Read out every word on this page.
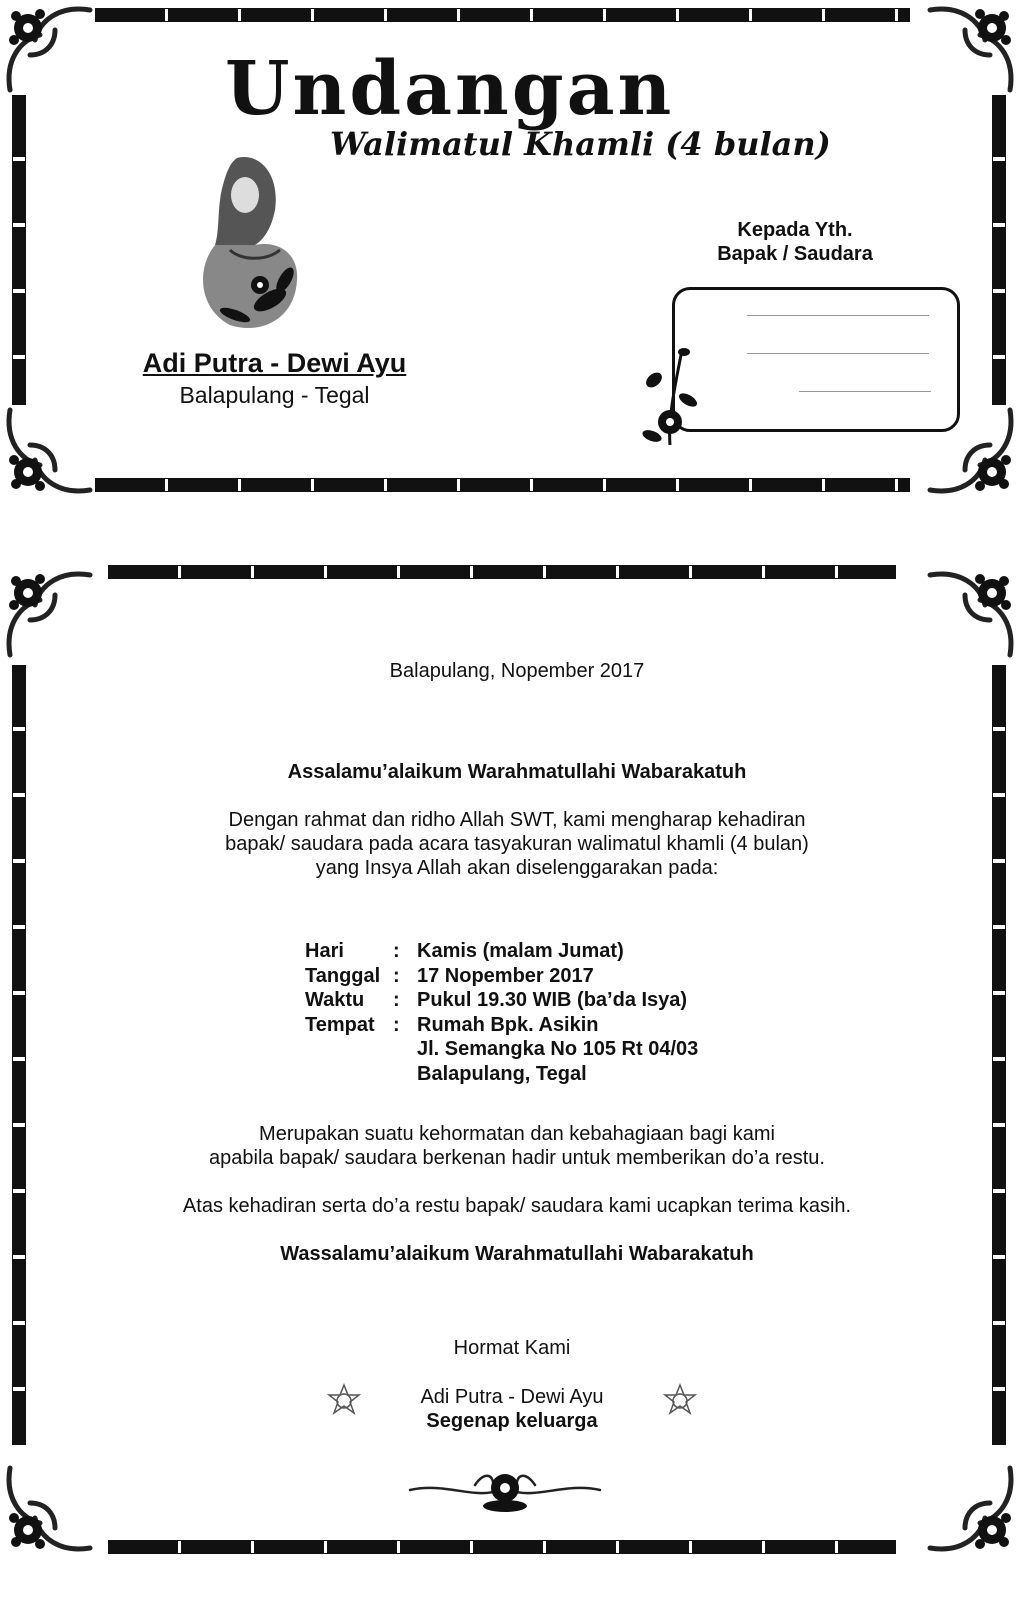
Undangan
Walimatul Khamli (4 bulan)
Adi Putra - Dewi Ayu
Balapulang - Tegal
Kepada Yth.
Bapak / Saudara
Balapulang, Nopember 2017
Assalamu’alaikum Warahmatullahi Wabarakatuh
Dengan rahmat dan ridho Allah SWT, kami mengharap kehadiran
bapak/ saudara pada acara tasyakuran walimatul khamli (4 bulan)
yang Insya Allah akan diselenggarakan pada:
Hari	: Kamis (malam Jumat)
Tanggal : 17 Nopember 2017
Waktu	: Pukul 19.30 WIB (ba’da Isya)
Tempat : Rumah Bpk. Asikin
Jl. Semangka No 105 Rt 04/03
Balapulang, Tegal
Merupakan suatu kehormatan dan kebahagiaan bagi kami
apabila bapak/ saudara berkenan hadir untuk memberikan do’a restu.
Atas kehadiran serta do’a restu bapak/ saudara kami ucapkan terima kasih.
Wassalamu’alaikum Warahmatullahi Wabarakatuh
Hormat Kami
Adi Putra - Dewi Ayu
Segenap keluarga
